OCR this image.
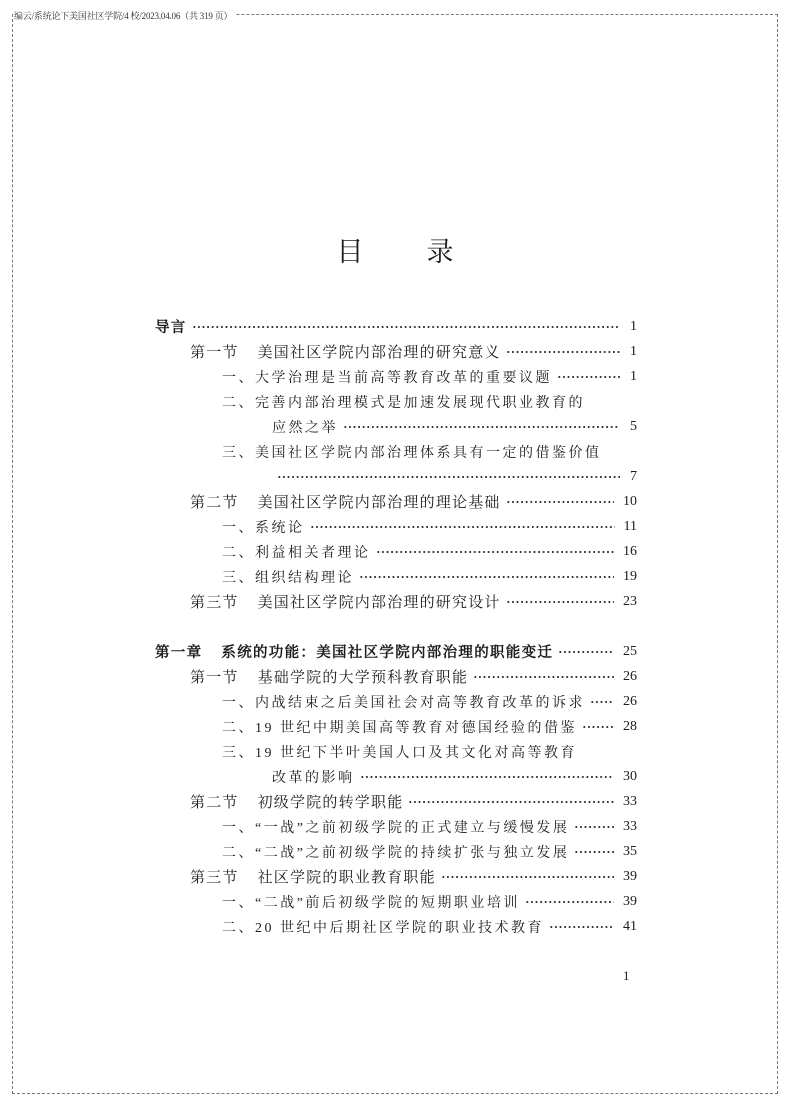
编云/系统论下美国社区学院/4 校/2023.04.06（共 319 页）
目　录
导言	1
第一节 美国社区学院内部治理的研究意义	1
一、大学治理是当前高等教育改革的重要议题	1
二、完善内部治理模式是加速发展现代职业教育的
应然之举	5
三、美国社区学院内部治理体系具有一定的借鉴价值
7
第二节 美国社区学院内部治理的理论基础	10
一、系统论	11
二、利益相关者理论	16
三、组织结构理论	19
第三节 美国社区学院内部治理的研究设计	23
第一章 系统的功能：美国社区学院内部治理的职能变迁	25
第一节 基础学院的大学预科教育职能	26
一、内战结束之后美国社会对高等教育改革的诉求	26
二、19 世纪中期美国高等教育对德国经验的借鉴	28
三、19 世纪下半叶美国人口及其文化对高等教育
改革的影响	30
第二节 初级学院的转学职能	33
一、“一战”之前初级学院的正式建立与缓慢发展	33
二、“二战”之前初级学院的持续扩张与独立发展	35
第三节 社区学院的职业教育职能	39
一、“二战”前后初级学院的短期职业培训	39
二、20 世纪中后期社区学院的职业技术教育	41
1
